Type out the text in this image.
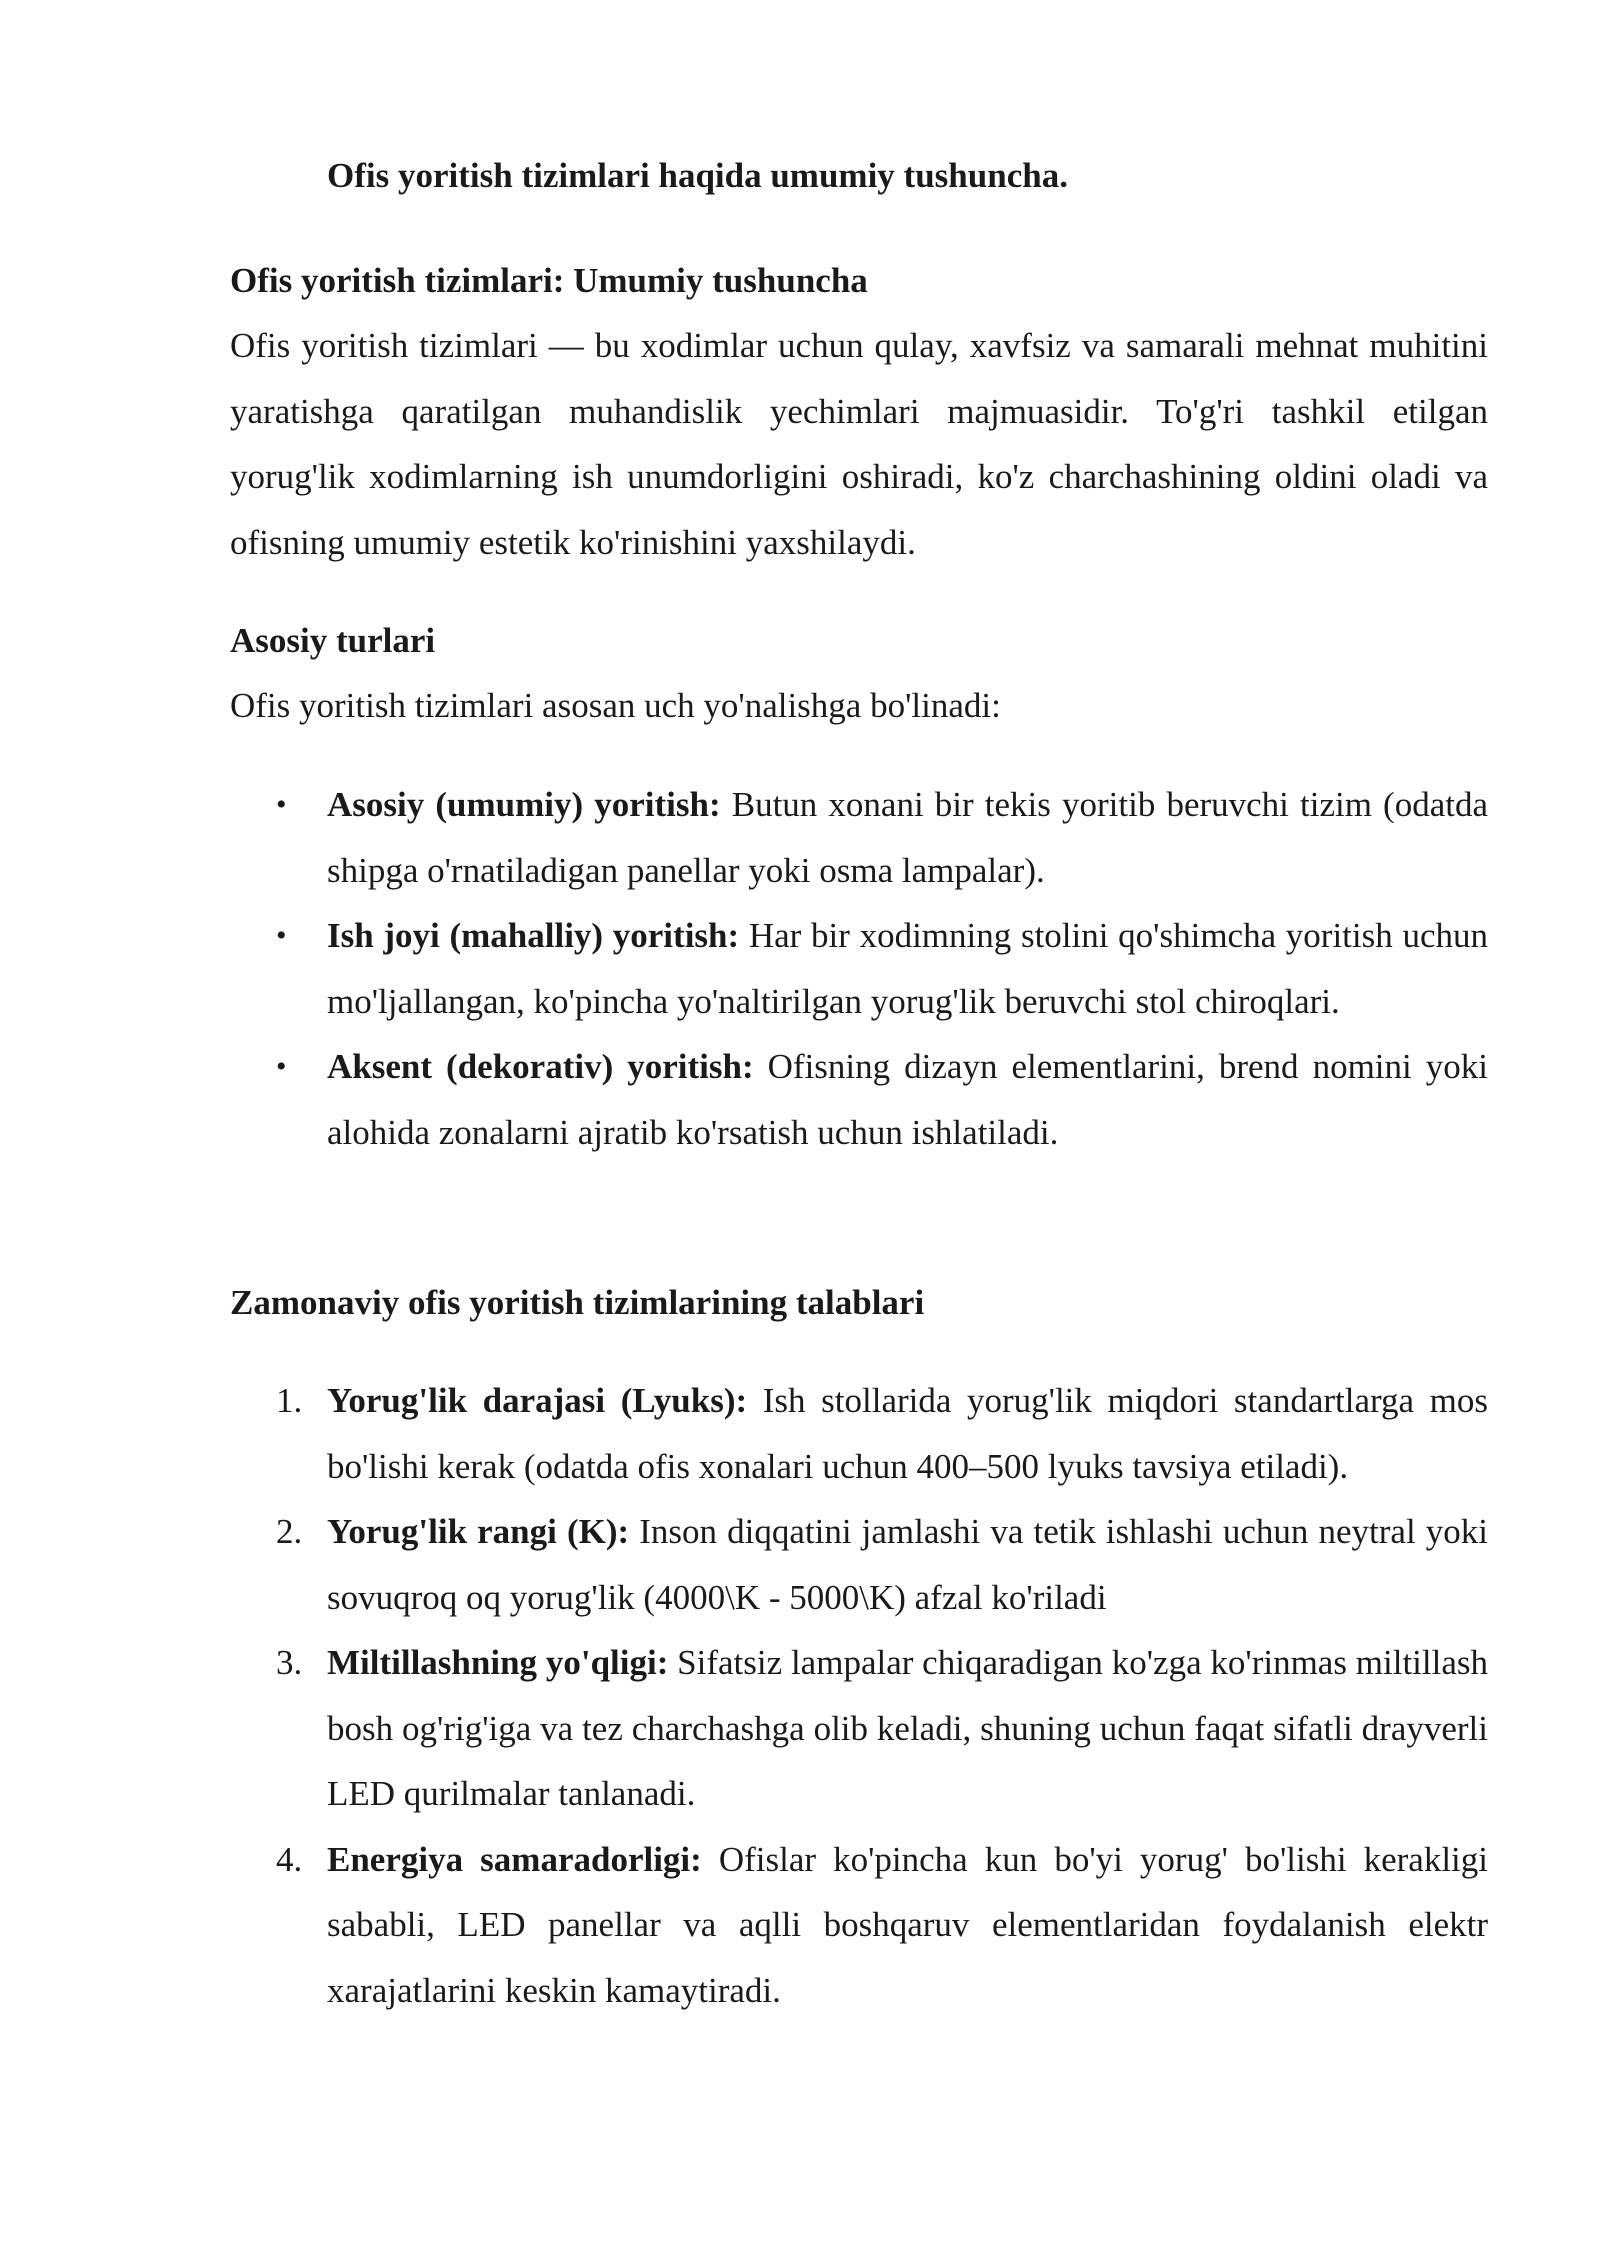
Ofis yoritish tizimlari haqida umumiy tushuncha.
Ofis yoritish tizimlari: Umumiy tushuncha

Ofis yoritish tizimlari — bu xodimlar uchun qulay, xavfsiz va samarali mehnat muhitini yaratishga qaratilgan muhandislik yechimlari majmuasidir. To'g'ri tashkil etilgan yorug'lik xodimlarning ish unumdorligini oshiradi, ko'z charchashining oldini oladi va ofisning umumiy estetik ko'rinishini yaxshilaydi.

Asosiy turlari

Ofis yoritish tizimlari asosan uch yo'nalishga bo'linadi:

• Asosiy (umumiy) yoritish: Butun xonani bir tekis yoritib beruvchi tizim (odatda shipga o'rnatiladigan panellar yoki osma lampalar).
• Ish joyi (mahalliy) yoritish: Har bir xodimning stolini qo'shimcha yoritish uchun mo'ljallangan, ko'pincha yo'naltirilgan yorug'lik beruvchi stol chiroqlari.
• Aksent (dekorativ) yoritish: Ofisning dizayn elementlarini, brend nomini yoki alohida zonalarni ajratib ko'rsatish uchun ishlatiladi.
Zamonaviy ofis yoritish tizimlarining talablari
1. Yorug'lik darajasi (Lyuks): Ish stollarida yorug'lik miqdori standartlarga mos bo'lishi kerak (odatda ofis xonalari uchun 400–500 lyuks tavsiya etiladi).
2. Yorug'lik rangi (K): Inson diqqatini jamlashi va tetik ishlashi uchun neytral yoki sovuqroq oq yorug'lik (4000\K - 5000\K) afzal ko'riladi
3. Miltillashning yo'qligi: Sifatsiz lampalar chiqaradigan ko'zga ko'rinmas miltillash bosh og'rig'iga va tez charchashga olib keladi, shuning uchun faqat sifatli drayverli LED qurilmalar tanlanadi.
4. Energiya samaradorligi: Ofislar ko'pincha kun bo'yi yorug' bo'lishi kerakligi sababli, LED panellar va aqlli boshqaruv elementlaridan foydalanish elektr xarajatlarini keskin kamaytiradi.
